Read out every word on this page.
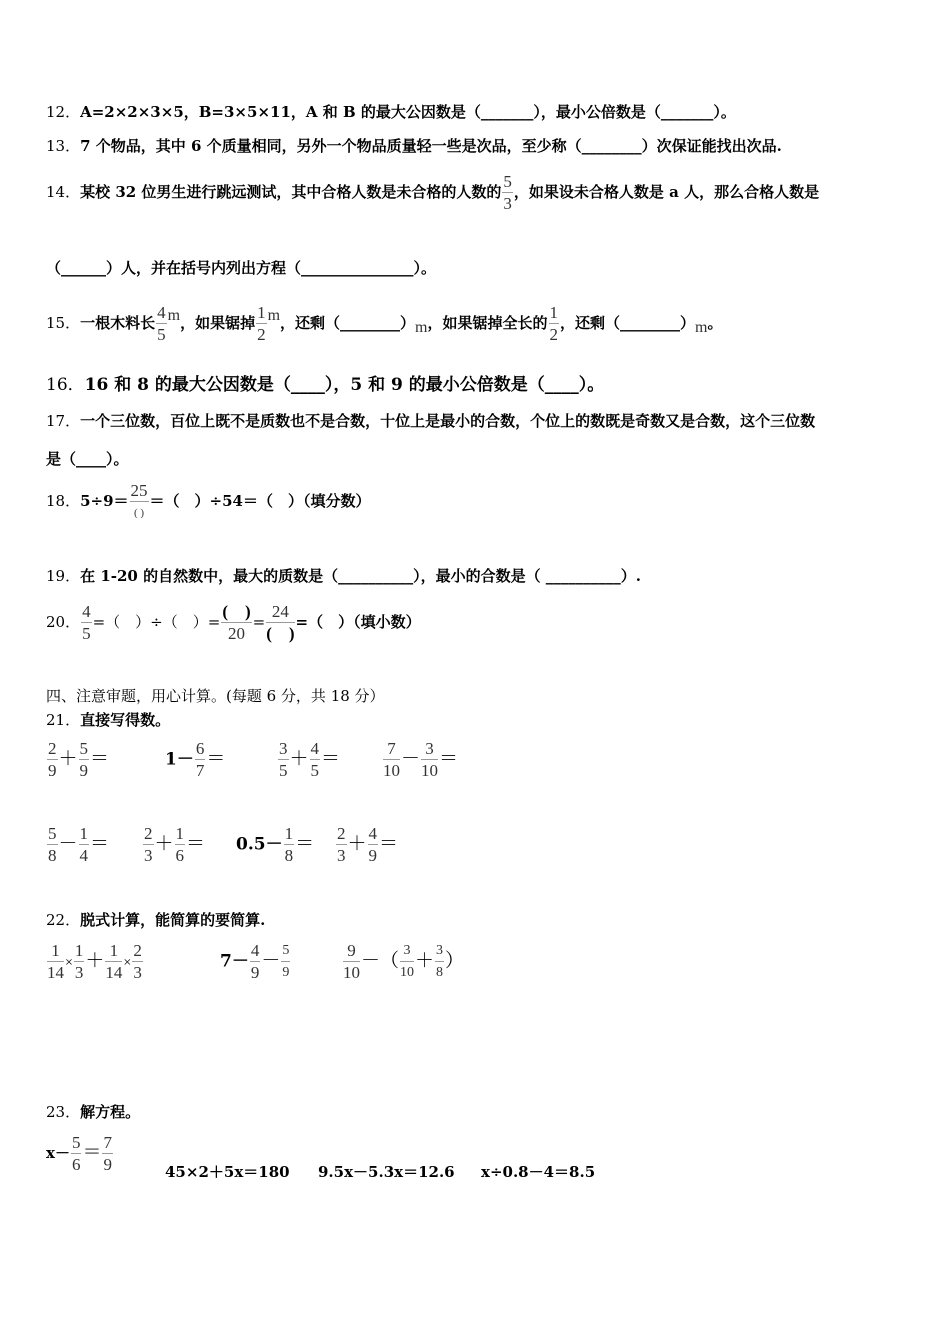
12．A=2×2×3×5，B=3×5×11，A 和 B 的最大公因数是（_______），最小公倍数是（_______）。
13．7 个物品，其中 6 个质量相同，另外一个物品质量轻一些是次品，至少称（________）次保证能找出次品.
14．某校 32 位男生进行跳远测试，其中合格人数是未合格的人数的 $\frac{5}{3}$ ，如果设未合格人数是 a 人，那么合格人数是
（______）人，并在括号内列出方程（_______________）。
15．一根木料长 $\frac{4}{5}$ m，如果锯掉 $\frac{1}{2}$ m，还剩（________）m，如果锯掉全长的 $\frac{1}{2}$ ，还剩（________）m。
16．16 和 8 的最大公因数是（____），5 和 9 的最小公倍数是（____）。
17．一个三位数，百位上既不是质数也不是合数，十位上是最小的合数，个位上的数既是奇数又是合数，这个三位数
是（____）。
18．$5\div 9= \frac{25}{( )}$ ＝（　）÷54＝（　）（填分数）
19．在 1-20 的自然数中，最大的质数是（__________），最小的合数是（ __________）.
20． $\frac{4}{5}$ =（　）÷（　）= $\frac{( )}{20} = \frac{24}{( )}$ =（　）（填小数）
四、注意审题，用心计算。(每题 6 分，共 18 分）
21．直接写得数。
$\frac{2}{9} + \frac{5}{9}$ ＝	$1- \frac{6}{7}$ ＝	$\frac{3}{5} + \frac{4}{5}$ ＝	$\frac{7}{10} - \frac{3}{10}$ ＝
$\frac{5}{8} - \frac{1}{4} = \frac{2}{3} + \frac{1}{6} = 0.5- \frac{1}{8} = \frac{2}{3} + \frac{4}{9}$ ＝
22．脱式计算，能简算的要简算.
$\frac{1}{14} \times \frac{1}{3} + \frac{1}{14} \times \frac{2}{3}$	$7- \frac{4}{9} - \frac{5}{9}$	$\frac{9}{10}$ －（ $\frac{3}{10} + \frac{3}{8}$ ）
23．解方程。
$x- \frac{5}{6} = \frac{7}{9}$	45×2＋5x＝180 9.5x－5.3x＝12.6 x÷0.8－4＝8.5
